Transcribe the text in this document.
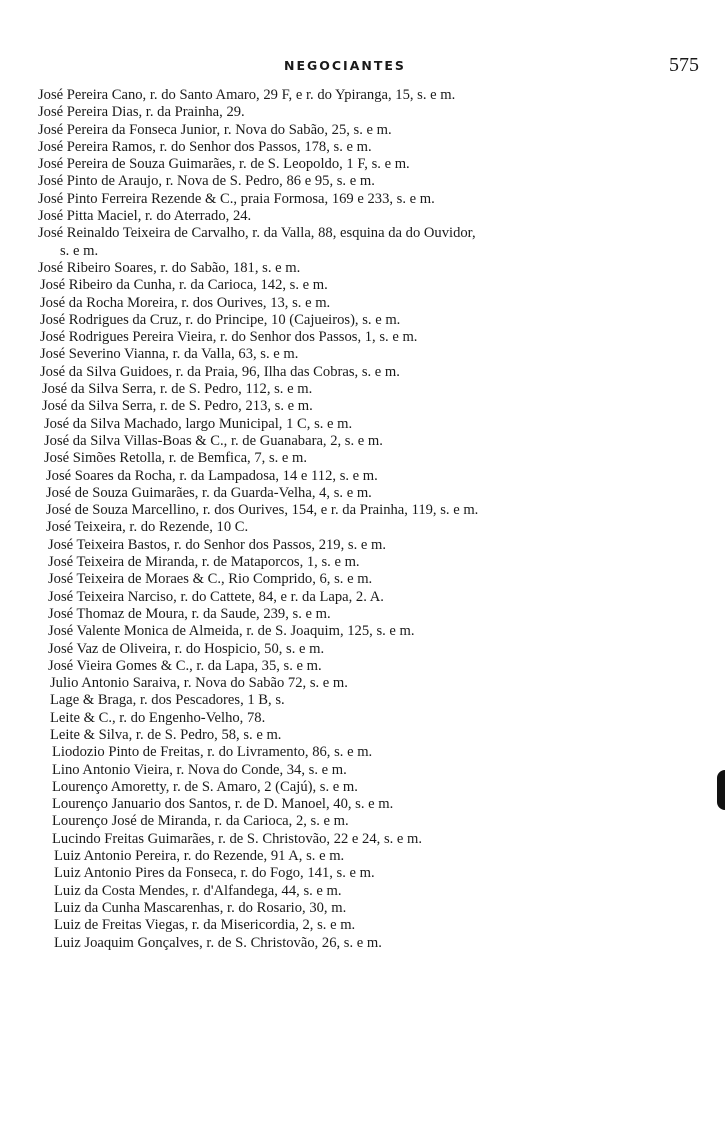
NEGOCIANTES	575
José Pereira Cano, r. do Santo Amaro, 29 F, e r. do Ypiranga, 15, s. e m.
José Pereira Dias, r. da Prainha, 29.
José Pereira da Fonseca Junior, r. Nova do Sabão, 25, s. e m.
José Pereira Ramos, r. do Senhor dos Passos, 178, s. e m.
José Pereira de Souza Guimarães, r. de S. Leopoldo, 1 F, s. e m.
José Pinto de Araujo, r. Nova de S. Pedro, 86 e 95, s. e m.
José Pinto Ferreira Rezende & C., praia Formosa, 169 e 233, s. e m.
José Pitta Maciel, r. do Aterrado, 24.
José Reinaldo Teixeira de Carvalho, r. da Valla, 88, esquina da do Ouvidor,
s. e m.
José Ribeiro Soares, r. do Sabão, 181, s. e m.
José Ribeiro da Cunha, r. da Carioca, 142, s. e m.
José da Rocha Moreira, r. dos Ourives, 13, s. e m.
José Rodrigues da Cruz, r. do Principe, 10 (Cajueiros), s. e m.
José Rodrigues Pereira Vieira, r. do Senhor dos Passos, 1, s. e m.
José Severino Vianna, r. da Valla, 63, s. e m.
José da Silva Guidoes, r. da Praia, 96, Ilha das Cobras, s. e m.
José da Silva Serra, r. de S. Pedro, 112, s. e m.
José da Silva Serra, r. de S. Pedro, 213, s. e m.
José da Silva Machado, largo Municipal, 1 C, s. e m.
José da Silva Villas-Boas & C., r. de Guanabara, 2, s. e m.
José Simões Retolla, r. de Bemfica, 7, s. e m.
José Soares da Rocha, r. da Lampadosa, 14 e 112, s. e m.
José de Souza Guimarães, r. da Guarda-Velha, 4, s. e m.
José de Souza Marcellino, r. dos Ourives, 154, e r. da Prainha, 119, s. e m.
José Teixeira, r. do Rezende, 10 C.
José Teixeira Bastos, r. do Senhor dos Passos, 219, s. e m.
José Teixeira de Miranda, r. de Mataporcos, 1, s. e m.
José Teixeira de Moraes & C., Rio Comprido, 6, s. e m.
José Teixeira Narciso, r. do Cattete, 84, e r. da Lapa, 2. A.
José Thomaz de Moura, r. da Saude, 239, s. e m.
José Valente Monica de Almeida, r. de S. Joaquim, 125, s. e m.
José Vaz de Oliveira, r. do Hospicio, 50, s. e m.
José Vieira Gomes & C., r. da Lapa, 35, s. e m.
Julio Antonio Saraiva, r. Nova do Sabão 72, s. e m.
Lage & Braga, r. dos Pescadores, 1 B, s.
Leite & C., r. do Engenho-Velho, 78.
Leite & Silva, r. de S. Pedro, 58, s. e m.
Liodozio Pinto de Freitas, r. do Livramento, 86, s. e m.
Lino Antonio Vieira, r. Nova do Conde, 34, s. e m.
Lourenço Amoretty, r. de S. Amaro, 2 (Cajú), s. e m.
Lourenço Januario dos Santos, r. de D. Manoel, 40, s. e m.
Lourenço José de Miranda, r. da Carioca, 2, s. e m.
Lucindo Freitas Guimarães, r. de S. Christovão, 22 e 24, s. e m.
Luiz Antonio Pereira, r. do Rezende, 91 A, s. e m.
Luiz Antonio Pires da Fonseca, r. do Fogo, 141, s. e m.
Luiz da Costa Mendes, r. d'Alfandega, 44, s. e m.
Luiz da Cunha Mascarenhas, r. do Rosario, 30, m.
Luiz de Freitas Viegas, r. da Misericordia, 2, s. e m.
Luiz Joaquim Gonçalves, r. de S. Christovão, 26, s. e m.
